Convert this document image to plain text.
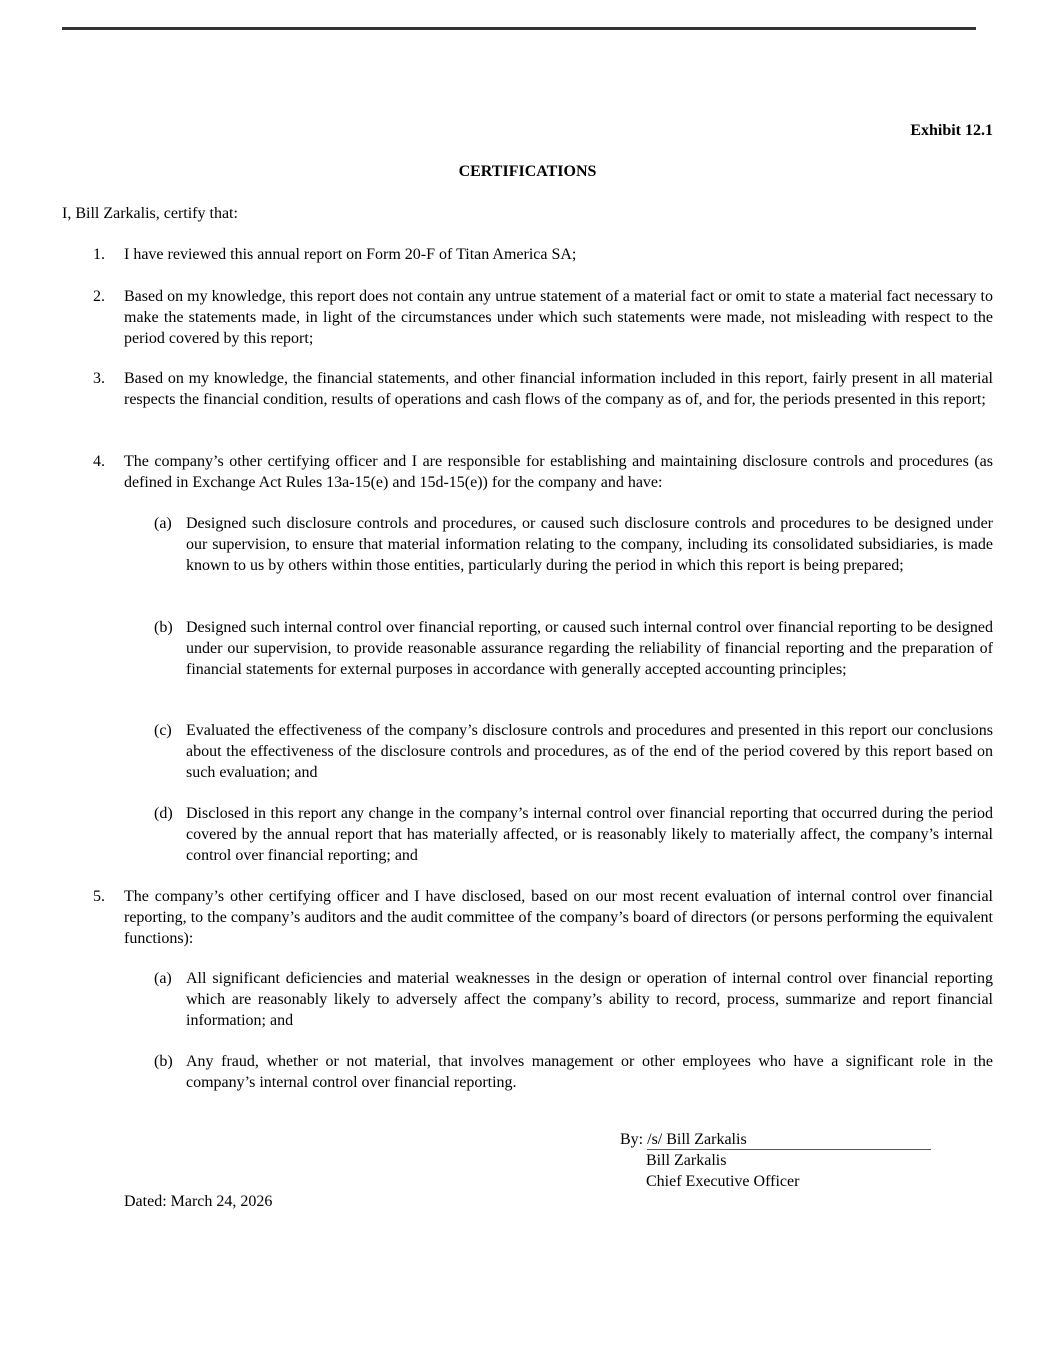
Exhibit 12.1
CERTIFICATIONS
I, Bill Zarkalis, certify that:
1. I have reviewed this annual report on Form 20-F of Titan America SA;
2. Based on my knowledge, this report does not contain any untrue statement of a material fact or omit to state a material fact necessary to make the statements made, in light of the circumstances under which such statements were made, not misleading with respect to the period covered by this report;
3. Based on my knowledge, the financial statements, and other financial information included in this report, fairly present in all material respects the financial condition, results of operations and cash flows of the company as of, and for, the periods presented in this report;
4. The company’s other certifying officer and I are responsible for establishing and maintaining disclosure controls and procedures (as defined in Exchange Act Rules 13a-15(e) and 15d-15(e)) for the company and have:
(a) Designed such disclosure controls and procedures, or caused such disclosure controls and procedures to be designed under our supervision, to ensure that material information relating to the company, including its consolidated subsidiaries, is made known to us by others within those entities, particularly during the period in which this report is being prepared;
(b) Designed such internal control over financial reporting, or caused such internal control over financial reporting to be designed under our supervision, to provide reasonable assurance regarding the reliability of financial reporting and the preparation of financial statements for external purposes in accordance with generally accepted accounting principles;
(c) Evaluated the effectiveness of the company’s disclosure controls and procedures and presented in this report our conclusions about the effectiveness of the disclosure controls and procedures, as of the end of the period covered by this report based on such evaluation; and
(d) Disclosed in this report any change in the company’s internal control over financial reporting that occurred during the period covered by the annual report that has materially affected, or is reasonably likely to materially affect, the company’s internal control over financial reporting; and
5. The company’s other certifying officer and I have disclosed, based on our most recent evaluation of internal control over financial reporting, to the company’s auditors and the audit committee of the company’s board of directors (or persons performing the equivalent functions):
(a) All significant deficiencies and material weaknesses in the design or operation of internal control over financial reporting which are reasonably likely to adversely affect the company’s ability to record, process, summarize and report financial information; and
(b) Any fraud, whether or not material, that involves management or other employees who have a significant role in the company’s internal control over financial reporting.
By: /s/ Bill Zarkalis
Bill Zarkalis
Chief Executive Officer
Dated: March 24, 2026
